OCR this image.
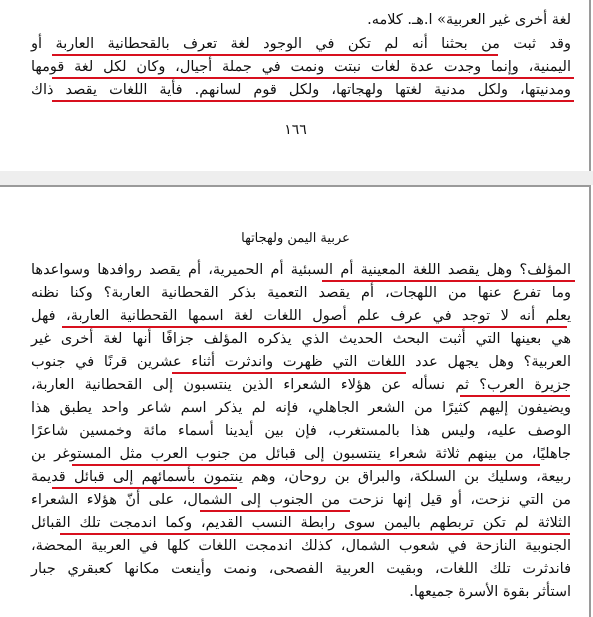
لغة أخرى غير العربية» ا.هـ. كلامه.
وقد ثبت من بحثنا أنه لم تكن في الوجود لغة تعرف بالقحطانية العاربة أو
اليمنية، وإنما وجدت عدة لغات نبتت ونمت في جملة أجيال، وكان لكل لغة قومها
ومدنيتها، ولكل مدنية لغتها ولهجاتها، ولكل قوم لسانهم. فأية اللغات يقصد ذاك
١٦٦
عربية اليمن ولهجاتها
المؤلف؟ وهل يقصد اللغة المعينية أم السبئية أم الحميرية، أم يقصد روافدها وسواعدها
وما تفرع عنها من اللهجات، أم يقصد التعمية بذكر القحطانية العاربة؟ وكنا نظنه
يعلم أنه لا توجد في عرف علم أصول اللغات لغة اسمها القحطانية العاربة، فهل
هي بعينها التي أثبت البحث الحديث الذي يذكره المؤلف جزافًا أنها لغة أخرى غير
العربية؟ وهل يجهل عدد اللغات التي ظهرت واندثرت أثناء عشرين قرنًا في جنوب
جزيرة العرب؟ ثم نسأله عن هؤلاء الشعراء الذين ينتسبون إلى القحطانية العاربة،
ويضيفون إليهم كثيرًا من الشعر الجاهلي، فإنه لم يذكر اسم شاعر واحد يطبق هذا
الوصف عليه، وليس هذا بالمستغرب، فإن بين أيدينا أسماء مائة وخمسين شاعرًا
جاهليًا، من بينهم ثلاثة شعراء ينتسبون إلى قبائل من جنوب العرب مثل المستوغر بن
ربيعة، وسليك بن السلكة، والبراق بن روحان، وهم ينتمون بأسمائهم إلى قبائل قديمة
من التي نزحت، أو قيل إنها نزحت من الجنوب إلى الشمال، على أنّ هؤلاء الشعراء
الثلاثة لم تكن تربطهم باليمن سوى رابطة النسب القديم، وكما اندمجت تلك القبائل
الجنوبية النازحة في شعوب الشمال، كذلك اندمجت اللغات كلها في العربية المحضة،
فاندثرت تلك اللغات، وبقيت العربية الفصحى، ونمت وأينعت مكانها كعبقري جبار
استأثر بقوة الأسرة جميعها.
